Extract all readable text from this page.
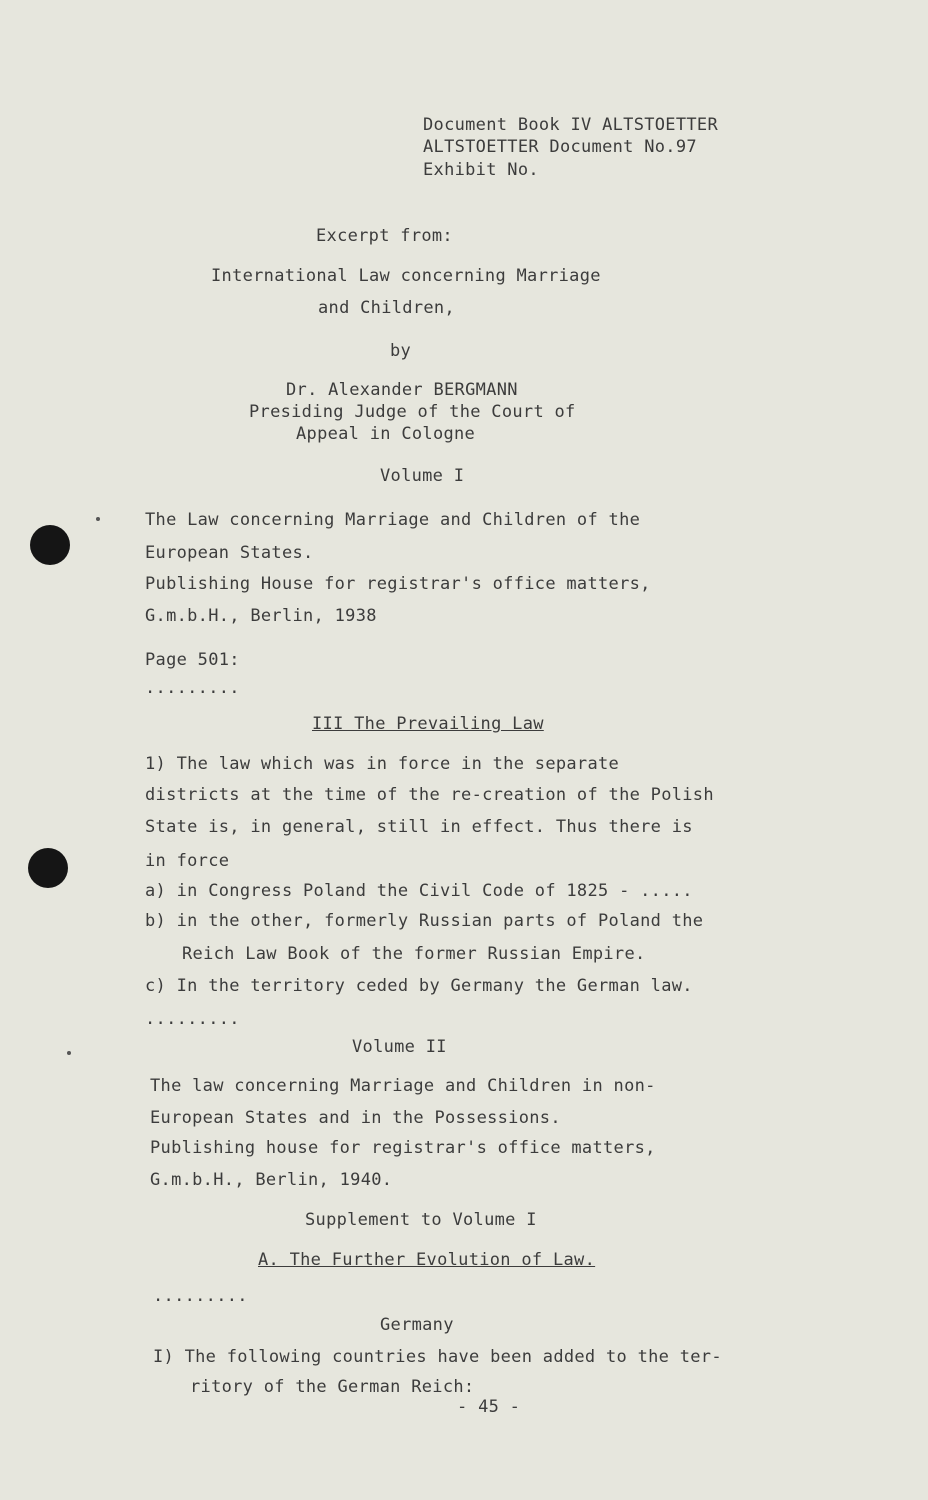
Document Book IV ALTSTOETTER
ALTSTOETTER Document No.97
Exhibit No.
Excerpt from:
International Law concerning Marriage
and Children,
by
Dr. Alexander BERGMANN
Presiding Judge of the Court of
Appeal in Cologne
Volume I
The Law concerning Marriage and Children of the
European States.
Publishing House for registrar's office matters,
G.m.b.H., Berlin, 1938
Page 501:
.........
III The Prevailing Law
1) The law which was in force in the separate
districts at the time of the re-creation of the Polish
State is, in general, still in effect. Thus there is
in force
a) in Congress Poland the Civil Code of 1825 - .....
b) in the other, formerly Russian parts of Poland the
Reich Law Book of the former Russian Empire.
c) In the territory ceded by Germany the German law.
.........
Volume II
The law concerning Marriage and Children in non-
European States and in the Possessions.
Publishing house for registrar's office matters,
G.m.b.H., Berlin, 1940.
Supplement to Volume I
A. The Further Evolution of Law.
.........
Germany
I) The following countries have been added to the ter-
ritory of the German Reich:
- 45 -
